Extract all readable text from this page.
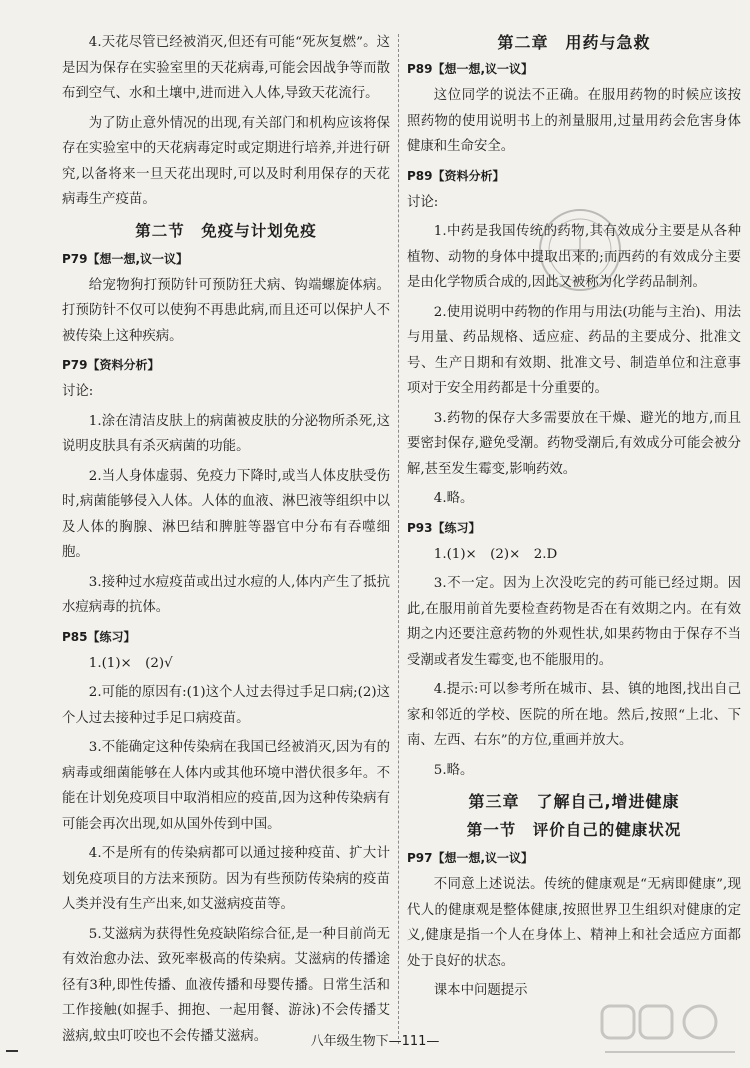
4.天花尽管已经被消灭,但还有可能“死灰复燃”。这是因为保存在实验室里的天花病毒,可能会因战争等而散布到空气、水和土壤中,进而进入人体,导致天花流行。

为了防止意外情况的出现,有关部门和机构应该将保存在实验室中的天花病毒定时或定期进行培养,并进行研究,以备将来一旦天花出现时,可以及时利用保存的天花病毒生产疫苗。

第二节　免疫与计划免疫
P79【想一想,议一议】

给宠物狗打预防针可预防狂犬病、钩端螺旋体病。打预防针不仅可以使狗不再患此病,而且还可以保护人不被传染上这种疾病。

P79【资料分析】

讨论:

1.涂在清洁皮肤上的病菌被皮肤的分泌物所杀死,这说明皮肤具有杀灭病菌的功能。

2.当人身体虚弱、免疫力下降时,或当人体皮肤受伤时,病菌能够侵入人体。人体的血液、淋巴液等组织中以及人体的胸腺、淋巴结和脾脏等器官中分布有吞噬细胞。

3.接种过水痘疫苗或出过水痘的人,体内产生了抵抗水痘病毒的抗体。

P85【练习】

1.(1)×　(2)√

2.可能的原因有:(1)这个人过去得过手足口病;(2)这个人过去接种过手足口病疫苗。

3.不能确定这种传染病在我国已经被消灭,因为有的病毒或细菌能够在人体内或其他环境中潜伏很多年。不能在计划免疫项目中取消相应的疫苗,因为这种传染病有可能会再次出现,如从国外传到中国。

4.不是所有的传染病都可以通过接种疫苗、扩大计划免疫项目的方法来预防。因为有些预防传染病的疫苗人类并没有生产出来,如艾滋病疫苗等。

5.艾滋病为获得性免疫缺陷综合征,是一种目前尚无有效治愈办法、致死率极高的传染病。艾滋病的传播途径有3种,即性传播、血液传播和母婴传播。日常生活和工作接触(如握手、拥抱、一起用餐、游泳)不会传播艾滋病,蚊虫叮咬也不会传播艾滋病。

第二章　用药与急救
P89【想一想,议一议】

这位同学的说法不正确。在服用药物的时候应该按照药物的使用说明书上的剂量服用,过量用药会危害身体健康和生命安全。

P89【资料分析】

讨论:

1.中药是我国传统的药物,其有效成分主要是从各种植物、动物的身体中提取出来的;而西药的有效成分主要是由化学物质合成的,因此又被称为化学药品制剂。

2.使用说明中药物的作用与用法(功能与主治)、用法与用量、药品规格、适应症、药品的主要成分、批准文号、生产日期和有效期、批准文号、制造单位和注意事项对于安全用药都是十分重要的。

3.药物的保存大多需要放在干燥、避光的地方,而且要密封保存,避免受潮。药物受潮后,有效成分可能会被分解,甚至发生霉变,影响药效。

4.略。

P93【练习】

1.(1)×　(2)×　2.D

3.不一定。因为上次没吃完的药可能已经过期。因此,在服用前首先要检查药物是否在有效期之内。在有效期之内还要注意药物的外观性状,如果药物由于保存不当受潮或者发生霉变,也不能服用的。

4.提示:可以参考所在城市、县、镇的地图,找出自己家和邻近的学校、医院的所在地。然后,按照“上北、下南、左西、右东”的方位,重画并放大。

5.略。

第三章　了解自己,增进健康
第一节　评价自己的健康状况
P97【想一想,议一议】

不同意上述说法。传统的健康观是“无病即健康”,现代人的健康观是整体健康,按照世界卫生组织对健康的定义,健康是指一个人在身体上、精神上和社会适应方面都处于良好的状态。

课本中问题提示

八年级生物下—111—
